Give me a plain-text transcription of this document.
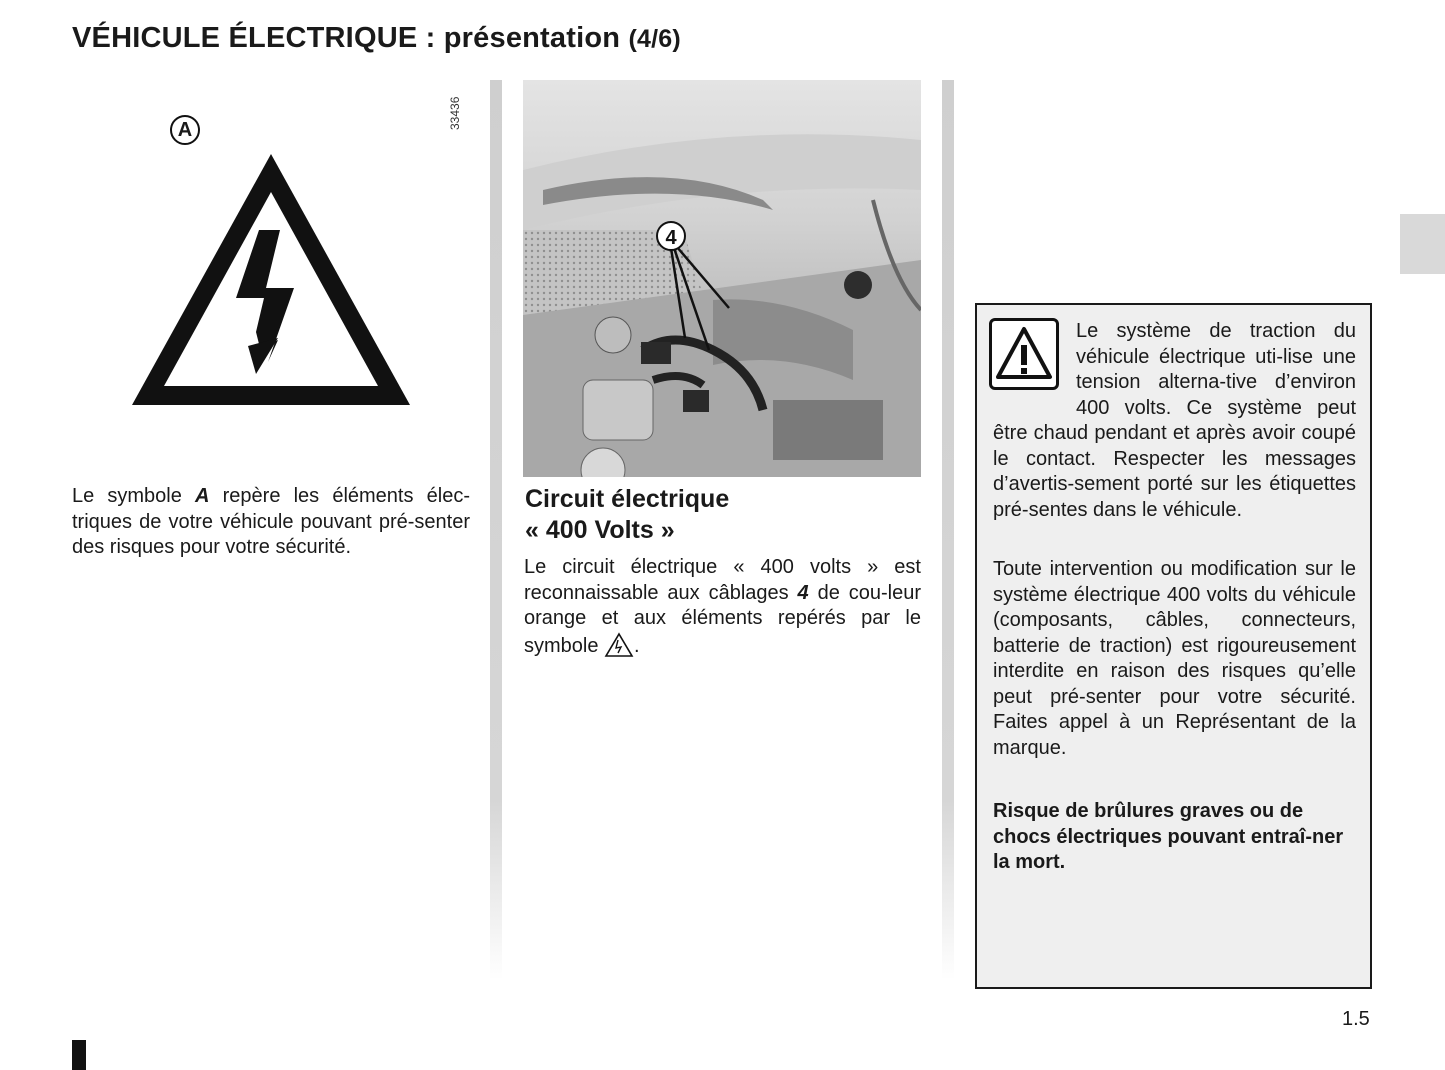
VÉHICULE ÉLECTRIQUE : présentation (4/6)
33436
A

Le symbole A repère les éléments élec-triques de votre véhicule pouvant pré-senter des risques pour votre sécurité.

4
Circuit électrique
« 400 Volts »

Le circuit électrique « 400 volts » est reconnaissable aux câblages 4 de cou-leur orange et aux éléments repérés par le symbole .

Le système de traction du véhicule électrique uti-lise une tension alterna-tive d’environ 400 volts. Ce système peut être chaud pendant et après avoir coupé le contact. Respecter les messages d’avertis-sement porté sur les étiquettes pré-sentes dans le véhicule.

Toute intervention ou modification sur le système électrique 400 volts du véhicule (composants, câbles, connecteurs, batterie de traction) est rigoureusement interdite en raison des risques qu’elle peut pré-senter pour votre sécurité. Faites appel à un Représentant de la marque.

Risque de brûlures graves ou de chocs électriques pouvant entraî-ner la mort.

1.5
